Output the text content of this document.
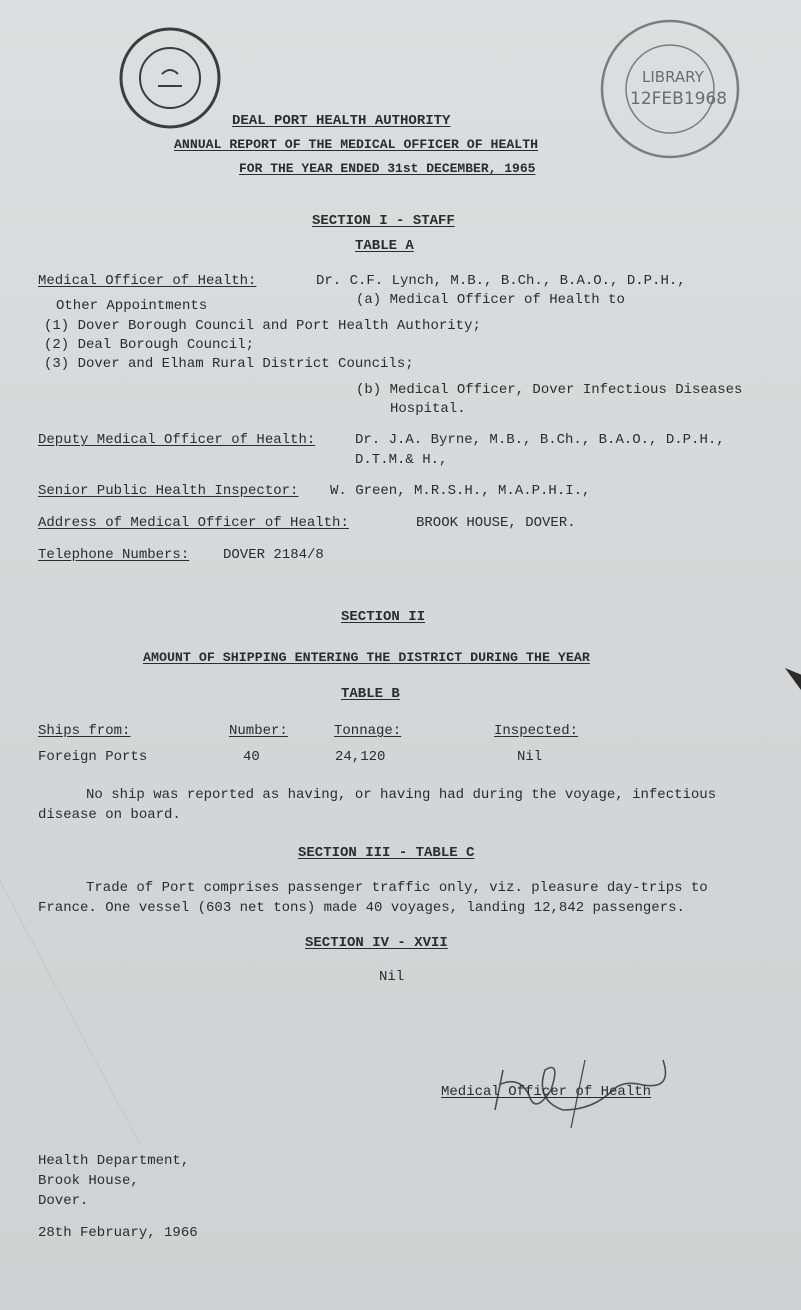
LIBRARY
12FEB1968
DEAL PORT HEALTH AUTHORITY
ANNUAL REPORT OF THE MEDICAL OFFICER OF HEALTH
FOR THE YEAR ENDED 31st DECEMBER, 1965
SECTION I - STAFF
TABLE A
Medical Officer of Health:	Dr. C.F. Lynch, M.B., B.Ch., B.A.O., D.P.H.,
Other Appointments	(a) Medical Officer of Health to
(1) Dover Borough Council and Port Health Authority;
(2) Deal Borough Council;
(3) Dover and Elham Rural District Councils;
(b) Medical Officer, Dover Infectious Diseases
Hospital.
Deputy Medical Officer of Health:	Dr. J.A. Byrne, M.B., B.Ch., B.A.O., D.P.H.,
D.T.M.& H.,
Senior Public Health Inspector: W. Green, M.R.S.H., M.A.P.H.I.,
Address of Medical Officer of Health:	BROOK HOUSE, DOVER.
Telephone Numbers: DOVER 2184/8
SECTION II
AMOUNT OF SHIPPING ENTERING THE DISTRICT DURING THE YEAR
TABLE B
Ships from:	Number:	Tonnage:	Inspected:
Foreign Ports	40	24,120	Nil
No ship was reported as having, or having had during the voyage, infectious
disease on board.
SECTION III - TABLE C
Trade of Port comprises passenger traffic only, viz. pleasure day-trips to
France. One vessel (603 net tons) made 40 voyages, landing 12,842 passengers.
SECTION IV - XVII
Nil
Medical Officer of Health
Health Department,
Brook House,
Dover.
28th February, 1966
